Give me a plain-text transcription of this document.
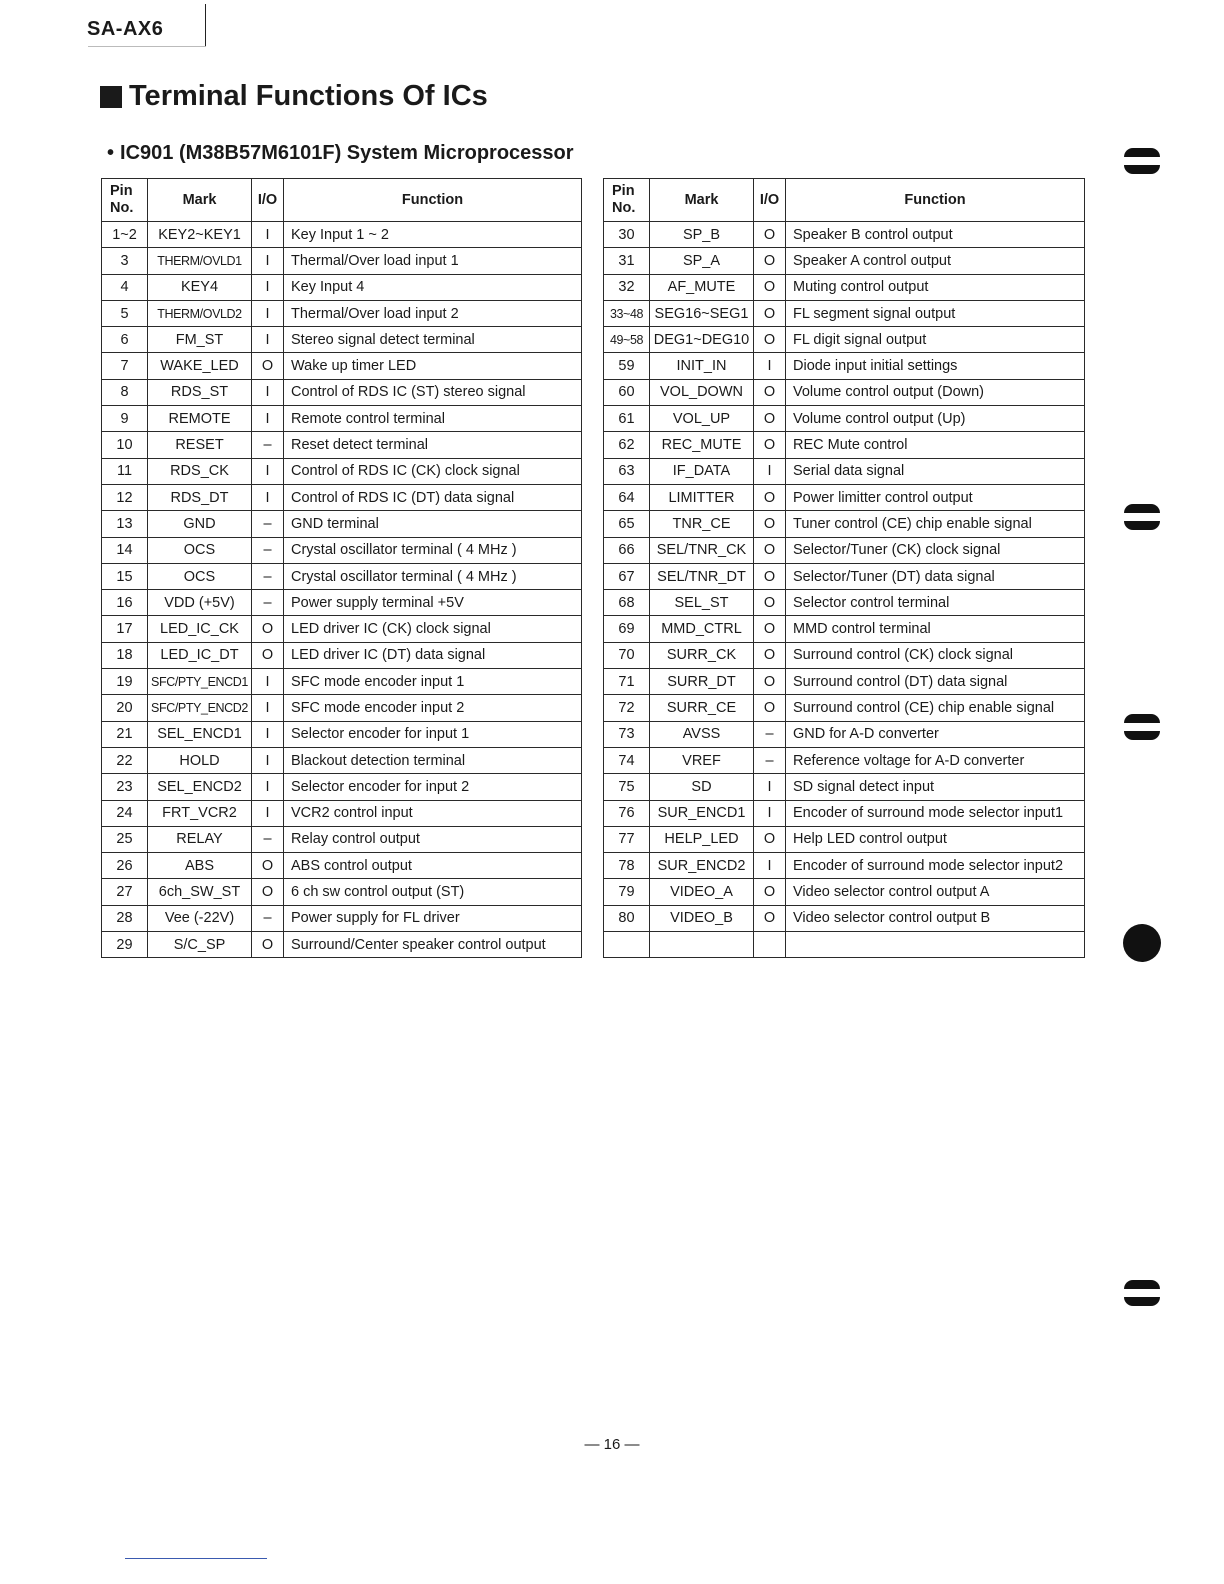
SA-AX6
Terminal Functions Of ICs
• IC901 (M38B57M6101F) System Microprocessor
Pin
No.	Mark	I/O	Function
1~2	KEY2~KEY1	I	Key Input 1 ~ 2
3	THERM/OVLD1	I	Thermal/Over load input 1
4	KEY4	I	Key Input 4
5	THERM/OVLD2	I	Thermal/Over load input 2
6	FM_ST	I	Stereo signal detect terminal
7	WAKE_LED	O	Wake up timer LED
8	RDS_ST	I	Control of RDS IC (ST) stereo signal
9	REMOTE	I	Remote control terminal
10	RESET	–	Reset detect terminal
11	RDS_CK	I	Control of RDS IC (CK) clock signal
12	RDS_DT	I	Control of RDS IC (DT) data signal
13	GND	–	GND terminal
14	OCS	–	Crystal oscillator terminal ( 4 MHz )
15	OCS	–	Crystal oscillator terminal ( 4 MHz )
16	VDD (+5V)	–	Power supply terminal +5V
17	LED_IC_CK	O	LED driver IC (CK) clock signal
18	LED_IC_DT	O	LED driver IC (DT) data signal
19	SFC/PTY_ENCD1	I	SFC mode encoder input 1
20	SFC/PTY_ENCD2	I	SFC mode encoder input 2
21	SEL_ENCD1	I	Selector encoder for input 1
22	HOLD	I	Blackout detection terminal
23	SEL_ENCD2	I	Selector encoder for input 2
24	FRT_VCR2	I	VCR2 control input
25	RELAY	–	Relay control output
26	ABS	O	ABS control output
27	6ch_SW_ST	O	6 ch sw control output (ST)
28	Vee (-22V)	–	Power supply for FL driver
29	S/C_SP	O	Surround/Center speaker control output
Pin
No.	Mark	I/O	Function
30	SP_B	O	Speaker B control output
31	SP_A	O	Speaker A control output
32	AF_MUTE	O	Muting control output
33~48	SEG16~SEG1	O	FL segment signal output
49~58	DEG1~DEG10	O	FL digit signal output
59	INIT_IN	I	Diode input initial settings
60	VOL_DOWN	O	Volume control output (Down)
61	VOL_UP	O	Volume control output (Up)
62	REC_MUTE	O	REC Mute control
63	IF_DATA	I	Serial data signal
64	LIMITTER	O	Power limitter control output
65	TNR_CE	O	Tuner control (CE) chip enable signal
66	SEL/TNR_CK	O	Selector/Tuner (CK) clock signal
67	SEL/TNR_DT	O	Selector/Tuner (DT) data signal
68	SEL_ST	O	Selector control terminal
69	MMD_CTRL	O	MMD control terminal
70	SURR_CK	O	Surround control (CK) clock signal
71	SURR_DT	O	Surround control (DT) data signal
72	SURR_CE	O	Surround control (CE) chip enable signal
73	AVSS	–	GND for A-D converter
74	VREF	–	Reference voltage for A-D converter
75	SD	I	SD signal detect input
76	SUR_ENCD1	I	Encoder of surround mode selector input1
77	HELP_LED	O	Help LED control output
78	SUR_ENCD2	I	Encoder of surround mode selector input2
79	VIDEO_A	O	Video selector control output A
80	VIDEO_B	O	Video selector control output B

— 16 —
